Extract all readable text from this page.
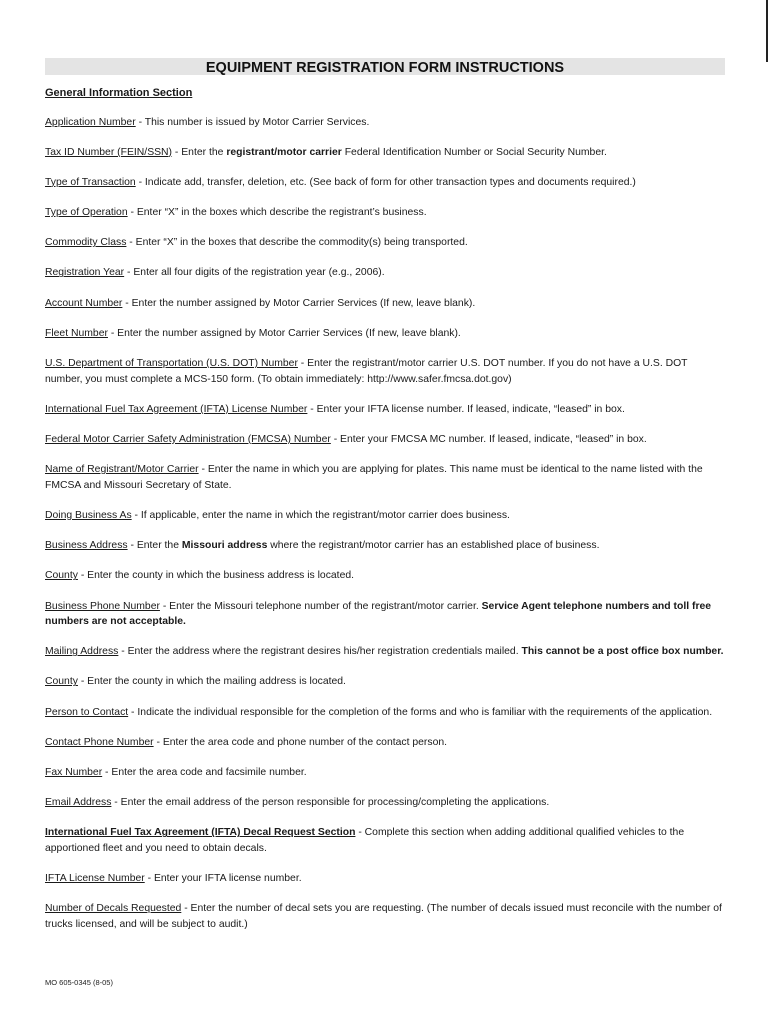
EQUIPMENT REGISTRATION FORM INSTRUCTIONS
General Information Section
Application Number - This number is issued by Motor Carrier Services.
Tax ID Number (FEIN/SSN) - Enter the registrant/motor carrier Federal Identification Number or Social Security Number.
Type of Transaction - Indicate add, transfer, deletion, etc. (See back of form for other transaction types and documents required.)
Type of Operation - Enter “X” in the boxes which describe the registrant’s business.
Commodity Class - Enter “X” in the boxes that describe the commodity(s) being transported.
Registration Year - Enter all four digits of the registration year (e.g., 2006).
Account Number - Enter the number assigned by Motor Carrier Services (If new, leave blank).
Fleet Number - Enter the number assigned by Motor Carrier Services (If new, leave blank).
U.S. Department of Transportation (U.S. DOT) Number - Enter the registrant/motor carrier U.S. DOT number. If you do not have a U.S. DOT number, you must complete a MCS-150 form. (To obtain immediately: http://www.safer.fmcsa.dot.gov)
International Fuel Tax Agreement (IFTA) License Number - Enter your IFTA license number. If leased, indicate, “leased” in box.
Federal Motor Carrier Safety Administration (FMCSA) Number - Enter your FMCSA MC number. If leased, indicate, “leased” in box.
Name of Registrant/Motor Carrier - Enter the name in which you are applying for plates. This name must be identical to the name listed with the FMCSA and Missouri Secretary of State.
Doing Business As - If applicable, enter the name in which the registrant/motor carrier does business.
Business Address - Enter the Missouri address where the registrant/motor carrier has an established place of business.
County - Enter the county in which the business address is located.
Business Phone Number - Enter the Missouri telephone number of the registrant/motor carrier. Service Agent telephone numbers and toll free numbers are not acceptable.
Mailing Address - Enter the address where the registrant desires his/her registration credentials mailed. This cannot be a post office box number.
County - Enter the county in which the mailing address is located.
Person to Contact - Indicate the individual responsible for the completion of the forms and who is familiar with the requirements of the application.
Contact Phone Number - Enter the area code and phone number of the contact person.
Fax Number - Enter the area code and facsimile number.
Email Address - Enter the email address of the person responsible for processing/completing the applications.
International Fuel Tax Agreement (IFTA) Decal Request Section - Complete this section when adding additional qualified vehicles to the apportioned fleet and you need to obtain decals.
IFTA License Number - Enter your IFTA license number.
Number of Decals Requested - Enter the number of decal sets you are requesting. (The number of decals issued must reconcile with the number of trucks licensed, and will be subject to audit.)
MO 605-0345 (8-05)
